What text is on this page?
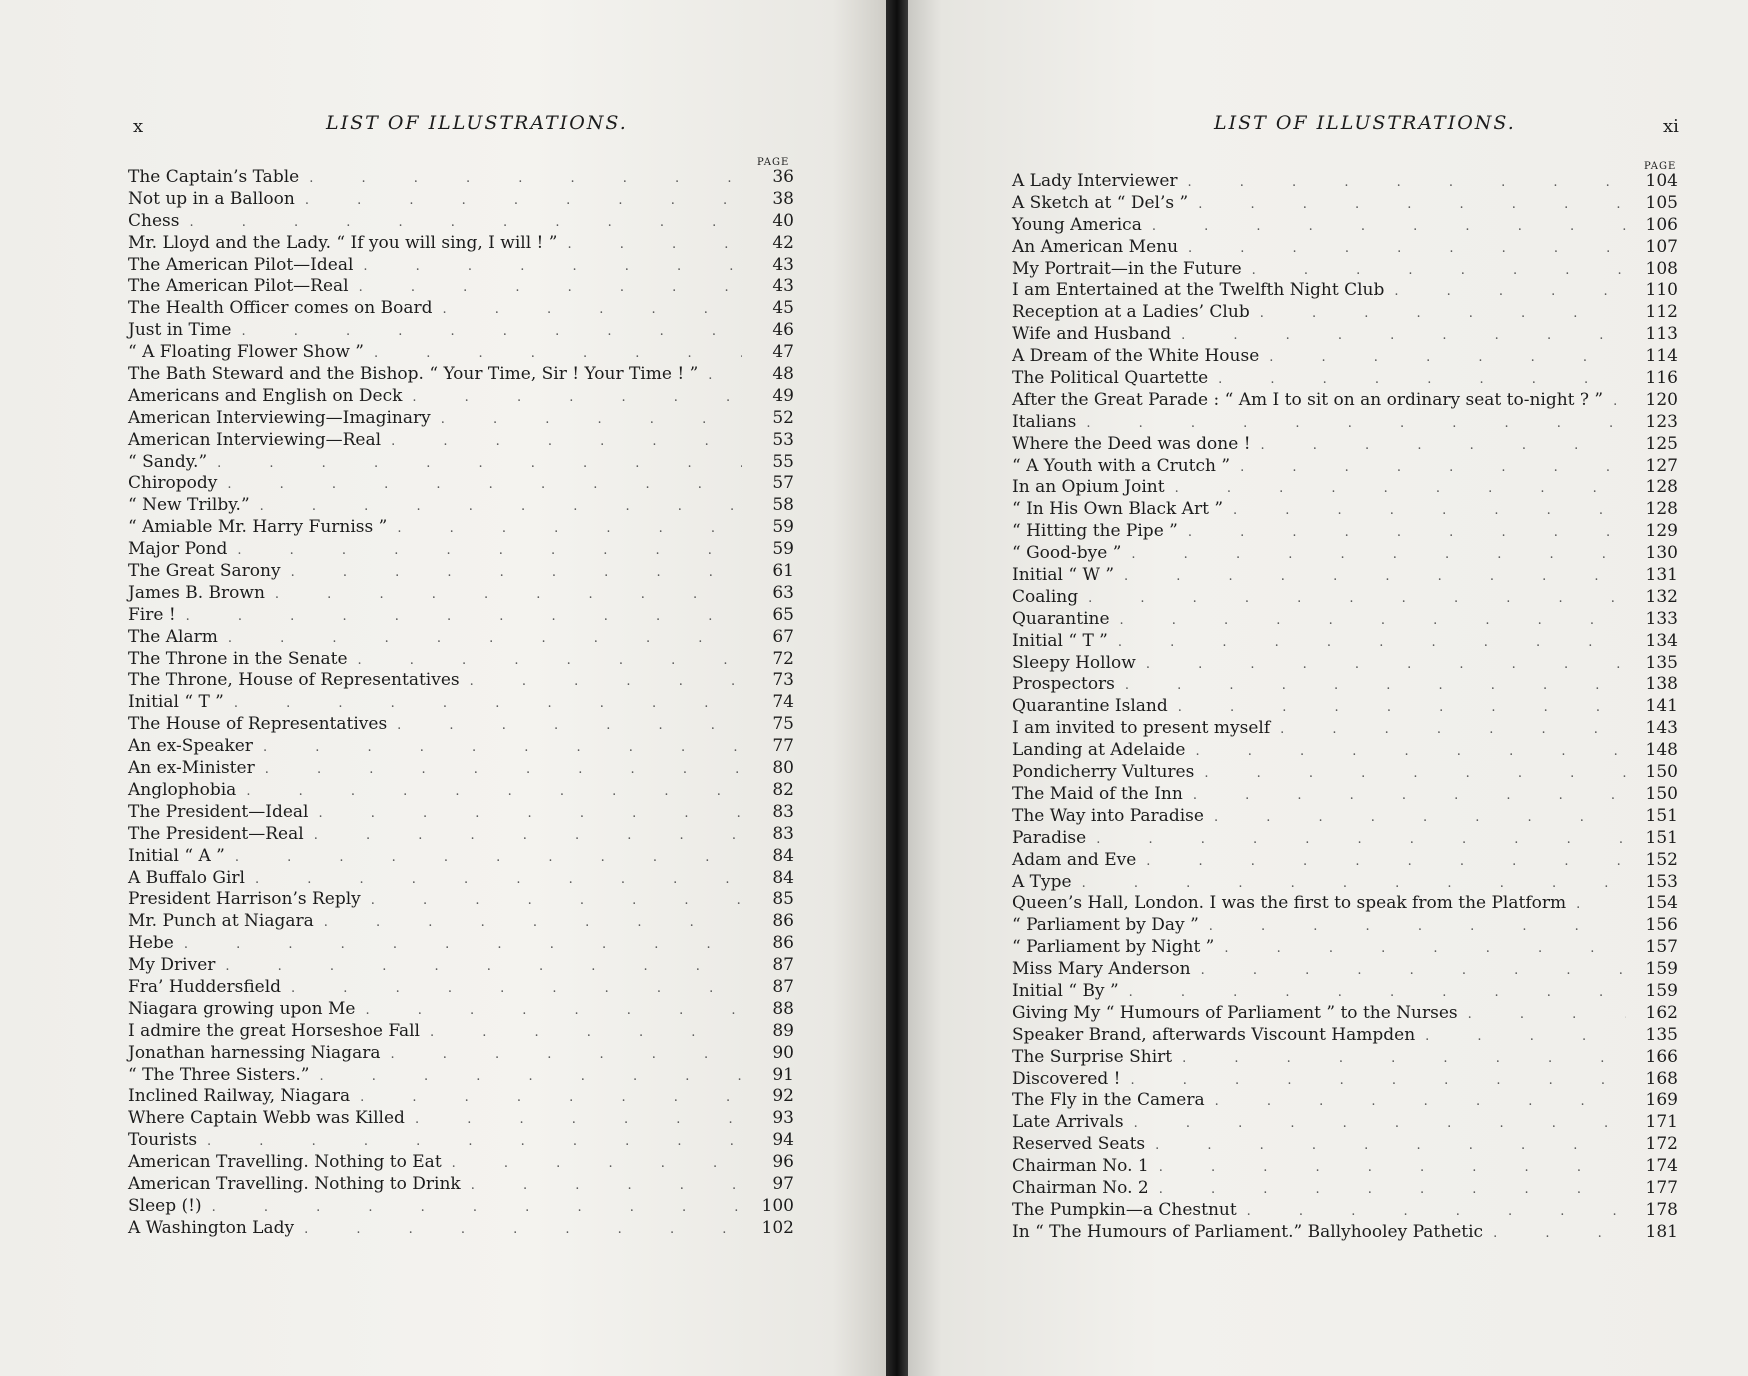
x	LIST OF ILLUSTRATIONS.
PAGE
The Captain’s Table . . .	36
Not up in a Balloon . . .	38
Chess . . .	40
Mr. Lloyd and the Lady. “ If you will sing, I will ! ” . . .	42
The American Pilot—Ideal . . .	43
The American Pilot—Real . . .	43
The Health Officer comes on Board . . .	45
Just in Time . . .	46
“ A Floating Flower Show ” . . .	47
The Bath Steward and the Bishop. “ Your Time, Sir ! Your Time ! ” . . .	48
Americans and English on Deck . . .	49
American Interviewing—Imaginary . . .	52
American Interviewing—Real . . .	53
“ Sandy.” . . .	55
Chiropody . . .	57
“ New Trilby.” . . .	58
“ Amiable Mr. Harry Furniss ” . . .	59
Major Pond . . .	59
The Great Sarony . . .	61
James B. Brown . . .	63
Fire ! . . .	65
The Alarm . . .	67
The Throne in the Senate . . .	72
The Throne, House of Representatives . . .	73
Initial “ T ” . . .	74
The House of Representatives . . .	75
An ex-Speaker . . .	77
An ex-Minister . . .	80
Anglophobia . . .	82
The President—Ideal . . .	83
The President—Real . . .	83
Initial “ A ” . . .	84
A Buffalo Girl . . .	84
President Harrison’s Reply . . .	85
Mr. Punch at Niagara . . .	86
Hebe . . .	86
My Driver . . .	87
Fra’ Huddersfield . . .	87
Niagara growing upon Me . . .	88
I admire the great Horseshoe Fall . . .	89
Jonathan harnessing Niagara . . .	90
“ The Three Sisters.” . . .	91
Inclined Railway, Niagara . . .	92
Where Captain Webb was Killed . . .	93
Tourists . . .	94
American Travelling. Nothing to Eat . . .	96
American Travelling. Nothing to Drink . . .	97
Sleep (!) . . .	100
A Washington Lady . . .	102
LIST OF ILLUSTRATIONS.	xi
PAGE
A Lady Interviewer . . .	104
A Sketch at “ Del’s ” . . .	105
Young America . . .	106
An American Menu . . .	107
My Portrait—in the Future . . .	108
I am Entertained at the Twelfth Night Club . . .	110
Reception at a Ladies’ Club . . .	112
Wife and Husband . . .	113
A Dream of the White House . . .	114
The Political Quartette . . .	116
After the Great Parade : “ Am I to sit on an ordinary seat to-night ? ” . . .	120
Italians . . .	123
Where the Deed was done ! . . .	125
“ A Youth with a Crutch ” . . .	127
In an Opium Joint . . .	128
“ In His Own Black Art ” . . .	128
“ Hitting the Pipe ” . . .	129
“ Good-bye ” . . .	130
Initial “ W ” . . .	131
Coaling . . .	132
Quarantine . . .	133
Initial “ T ” . . .	134
Sleepy Hollow . . .	135
Prospectors . . .	138
Quarantine Island . . .	141
I am invited to present myself . . .	143
Landing at Adelaide . . .	148
Pondicherry Vultures . . .	150
The Maid of the Inn . . .	150
The Way into Paradise . . .	151
Paradise . . .	151
Adam and Eve . . .	152
A Type . . .	153
Queen’s Hall, London. I was the first to speak from the Platform . . .	154
“ Parliament by Day ” . . .	156
“ Parliament by Night ” . . .	157
Miss Mary Anderson . . .	159
Initial “ By ” . . .	159
Giving My “ Humours of Parliament ” to the Nurses . . .	162
Speaker Brand, afterwards Viscount Hampden . . .	135
The Surprise Shirt . . .	166
Discovered ! . . .	168
The Fly in the Camera . . .	169
Late Arrivals . . .	171
Reserved Seats . . .	172
Chairman No. 1 . . .	174
Chairman No. 2 . . .	177
The Pumpkin—a Chestnut . . .	178
In “ The Humours of Parliament.” Ballyhooley Pathetic . . .	181
